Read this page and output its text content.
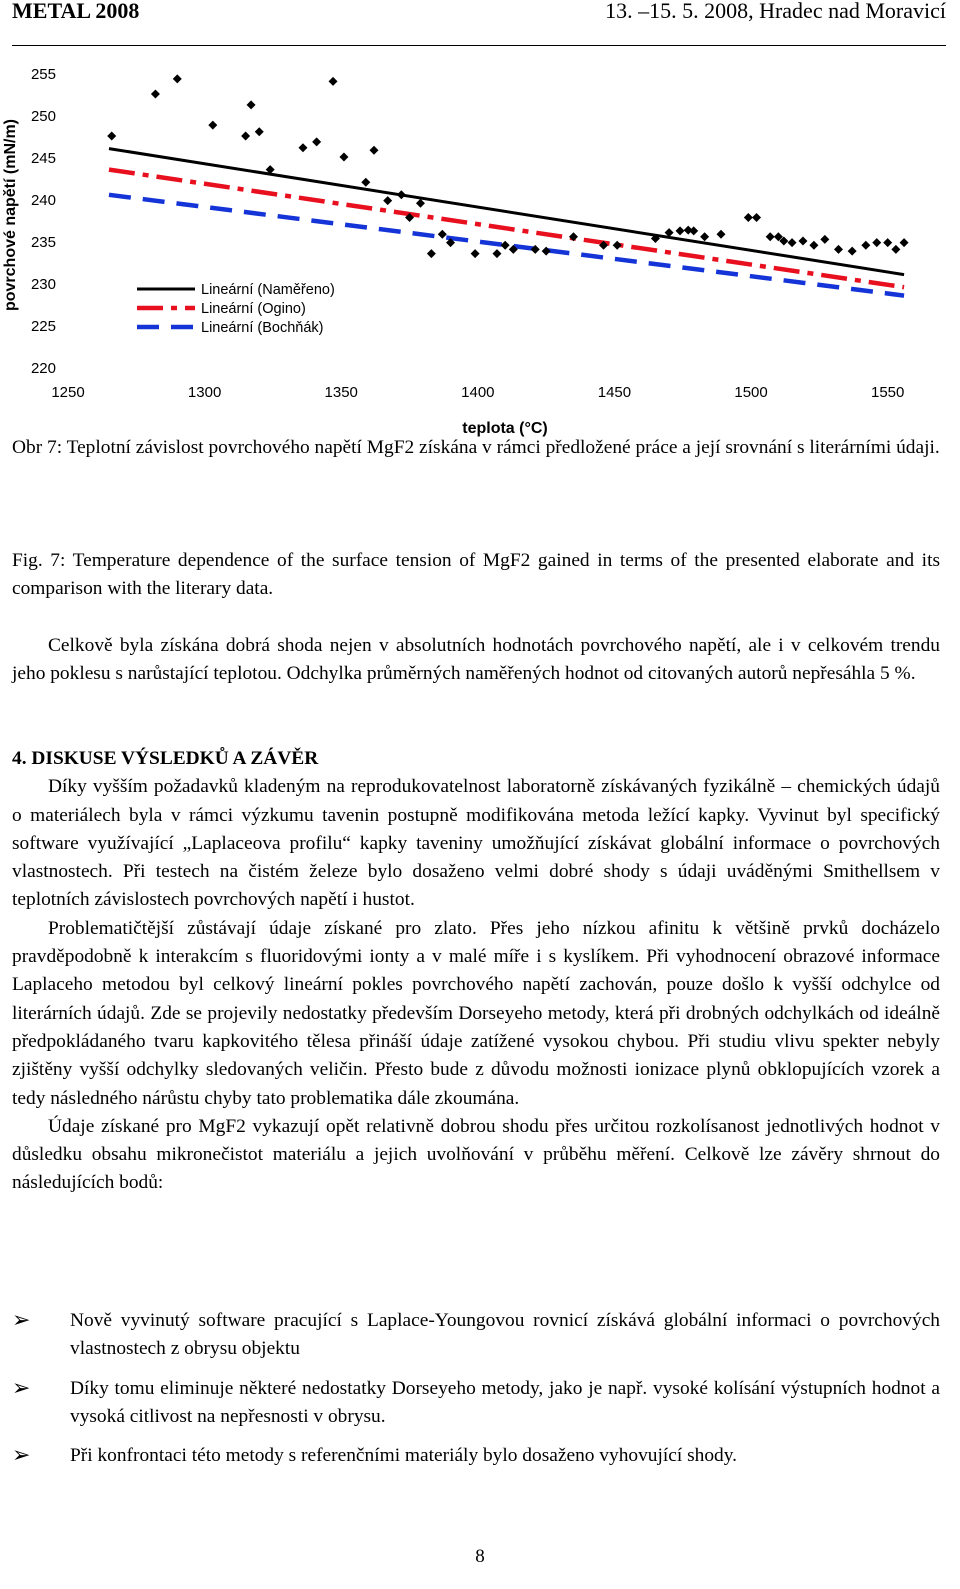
METAL 2008	13. –15. 5. 2008, Hradec nad Moravicí
220
225
230
235
240
245
250
255
1250	1300	1350	1400	1450	1500	1550
teplota (°C)
povrchové napětí (mN/m)	Lineární (Naměřeno)
Lineární (Ogino)
Lineární (Bochňák)
Obr 7: Teplotní závislost povrchového napětí MgF2 získána v rámci předložené práce a její srovnání s literárními údaji.
Fig. 7: Temperature dependence of the surface tension of MgF2 gained in terms of the presented elaborate and its comparison with the literary data.

Celkově byla získána dobrá shoda nejen v absolutních hodnotách povrchového napětí, ale i v celkovém trendu jeho poklesu s narůstající teplotou. Odchylka průměrných naměřených hodnot od citovaných autorů nepřesáhla 5 %.

4. DISKUSE VÝSLEDKŮ A ZÁVĚR

Díky vyšším požadavků kladeným na reprodukovatelnost laboratorně získávaných fyzikálně – chemických údajů o materiálech byla v rámci výzkumu tavenin postupně modifikována metoda ležící kapky. Vyvinut byl specifický software využívající „Laplaceova profilu“ kapky taveniny umožňující získávat globální informace o povrchových vlastnostech. Při testech na čistém železe bylo dosaženo velmi dobré shody s údaji uváděnými Smithellsem v teplotních závislostech povrchových napětí i hustot.

Problematičtější zůstávají údaje získané pro zlato. Přes jeho nízkou afinitu k většině prvků docházelo pravděpodobně k interakcím s fluoridovými ionty a v malé míře i s kyslíkem. Při vyhodnocení obrazové informace Laplaceho metodou byl celkový lineární pokles povrchového napětí zachován, pouze došlo k vyšší odchylce od literárních údajů. Zde se projevily nedostatky především Dorseyeho metody, která při drobných odchylkách od ideálně předpokládaného tvaru kapkovitého tělesa přináší údaje zatížené vysokou chybou. Při studiu vlivu spekter nebyly zjištěny vyšší odchylky sledovaných veličin. Přesto bude z důvodu možnosti ionizace plynů obklopujících vzorek a tedy následného nárůstu chyby tato problematika dále zkoumána.

Údaje získané pro MgF2 vykazují opět relativně dobrou shodu přes určitou rozkolísanost jednotlivých hodnot v důsledku obsahu mikronečistot materiálu a jejich uvolňování v průběhu měření. Celkově lze závěry shrnout do následujících bodů:

➢ Nově vyvinutý software pracující s Laplace-Youngovou rovnicí získává globální informaci o povrchových vlastnostech z obrysu objektu
➢ Díky tomu eliminuje některé nedostatky Dorseyeho metody, jako je např. vysoké kolísání výstupních hodnot a vysoká citlivost na nepřesnosti v obrysu.
➢ Při konfrontaci této metody s referenčními materiály bylo dosaženo vyhovující shody.
8
